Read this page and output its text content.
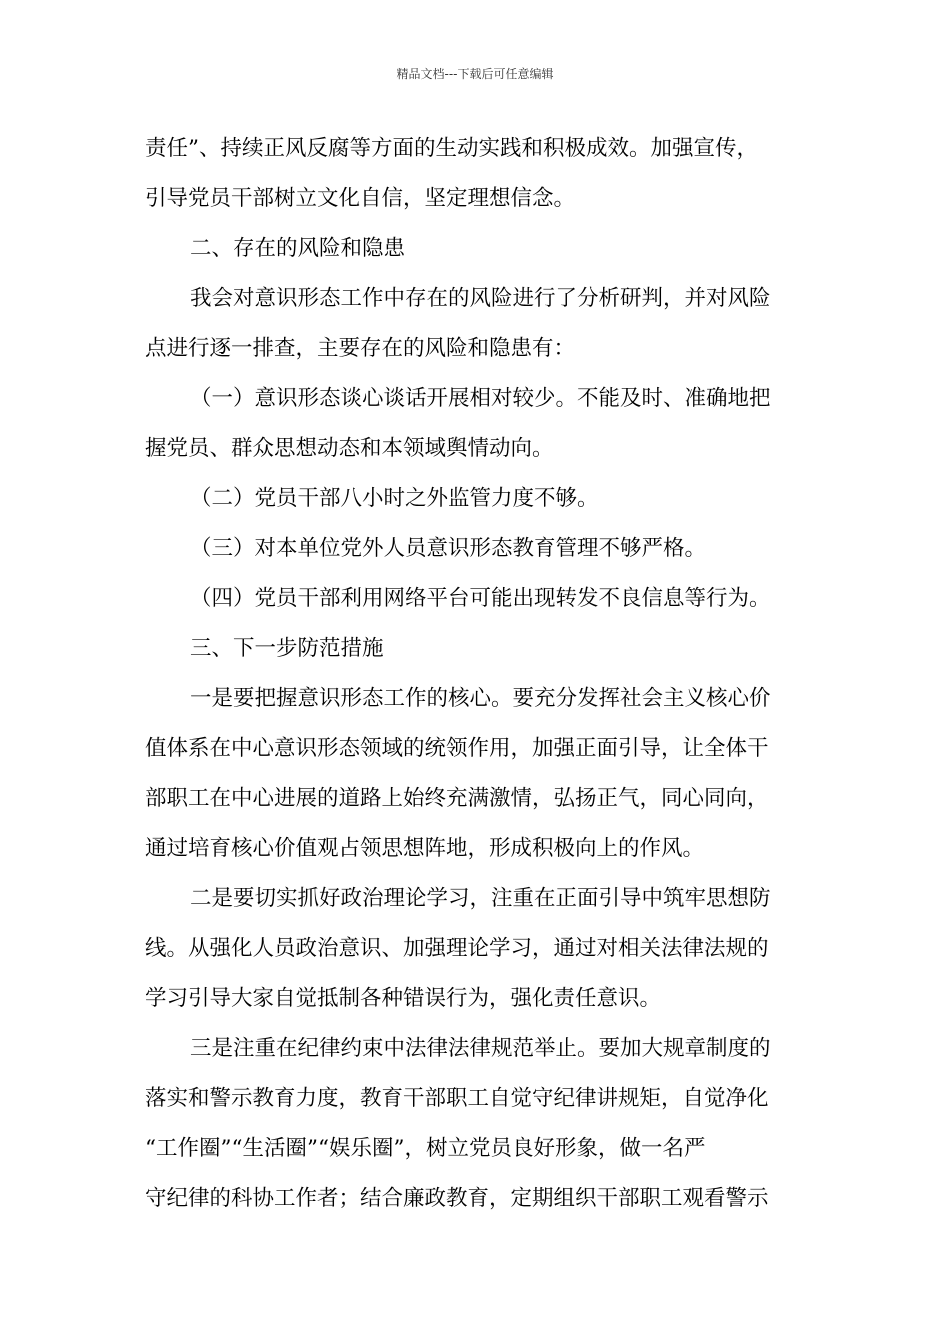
精品文档---下载后可任意编辑
责任”、持续正风反腐等方面的生动实践和积极成效。加强宣传，
引导党员干部树立文化自信，坚定理想信念。
二、存在的风险和隐患
我会对意识形态工作中存在的风险进行了分析研判，并对风险
点进行逐一排查，主要存在的风险和隐患有：
（一）意识形态谈心谈话开展相对较少。不能及时、准确地把
握党员、群众思想动态和本领域舆情动向。
（二）党员干部八小时之外监管力度不够。
（三）对本单位党外人员意识形态教育管理不够严格。
（四）党员干部利用网络平台可能出现转发不良信息等行为。
三、下一步防范措施
一是要把握意识形态工作的核心。要充分发挥社会主义核心价
值体系在中心意识形态领域的统领作用，加强正面引导，让全体干
部职工在中心进展的道路上始终充满激情，弘扬正气，同心同向，
通过培育核心价值观占领思想阵地，形成积极向上的作风。
二是要切实抓好政治理论学习，注重在正面引导中筑牢思想防
线。从强化人员政治意识、加强理论学习，通过对相关法律法规的
学习引导大家自觉抵制各种错误行为，强化责任意识。
三是注重在纪律约束中法律法律规范举止。要加大规章制度的
落实和警示教育力度，教育干部职工自觉守纪律讲规矩，自觉净化
“工作圈”“生活圈”“娱乐圈”，树立党员良好形象，做一名严
守纪律的科协工作者；结合廉政教育，定期组织干部职工观看警示
